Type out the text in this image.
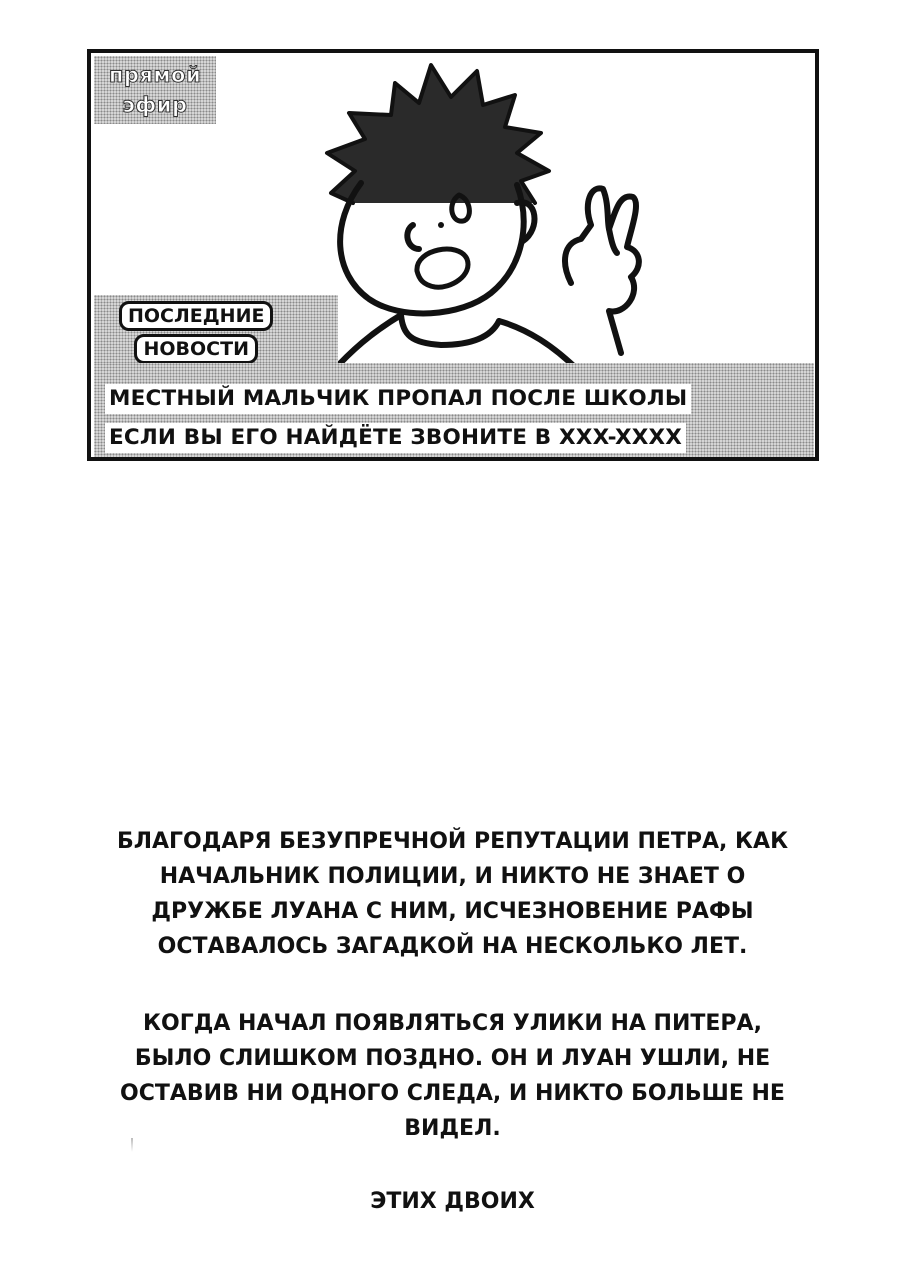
прямой
эфир
ПОСЛЕДНИЕ
НОВОСТИ
МЕСТНЫЙ МАЛЬЧИК ПРОПАЛ ПОСЛЕ ШКОЛЫ
ЕСЛИ ВЫ ЕГО НАЙДЁТЕ ЗВОНИТЕ В XXX-XXXX
БЛАГОДАРЯ БЕЗУПРЕЧНОЙ РЕПУТАЦИИ ПЕТРА, КАК
НАЧАЛЬНИК ПОЛИЦИИ, И НИКТО НЕ ЗНАЕТ О
ДРУЖБЕ ЛУАНА С НИМ, ИСЧЕЗНОВЕНИЕ РАФЫ
ОСТАВАЛОСЬ ЗАГАДКОЙ НА НЕСКОЛЬКО ЛЕТ.
КОГДА НАЧАЛ ПОЯВЛЯТЬСЯ УЛИКИ НА ПИТЕРА,
БЫЛО СЛИШКОМ ПОЗДНО. ОН И ЛУАН УШЛИ, НЕ
ОСТАВИВ НИ ОДНОГО СЛЕДА, И НИКТО БОЛЬШЕ НЕ
ВИДЕЛ.
ЭТИХ ДВОИХ
